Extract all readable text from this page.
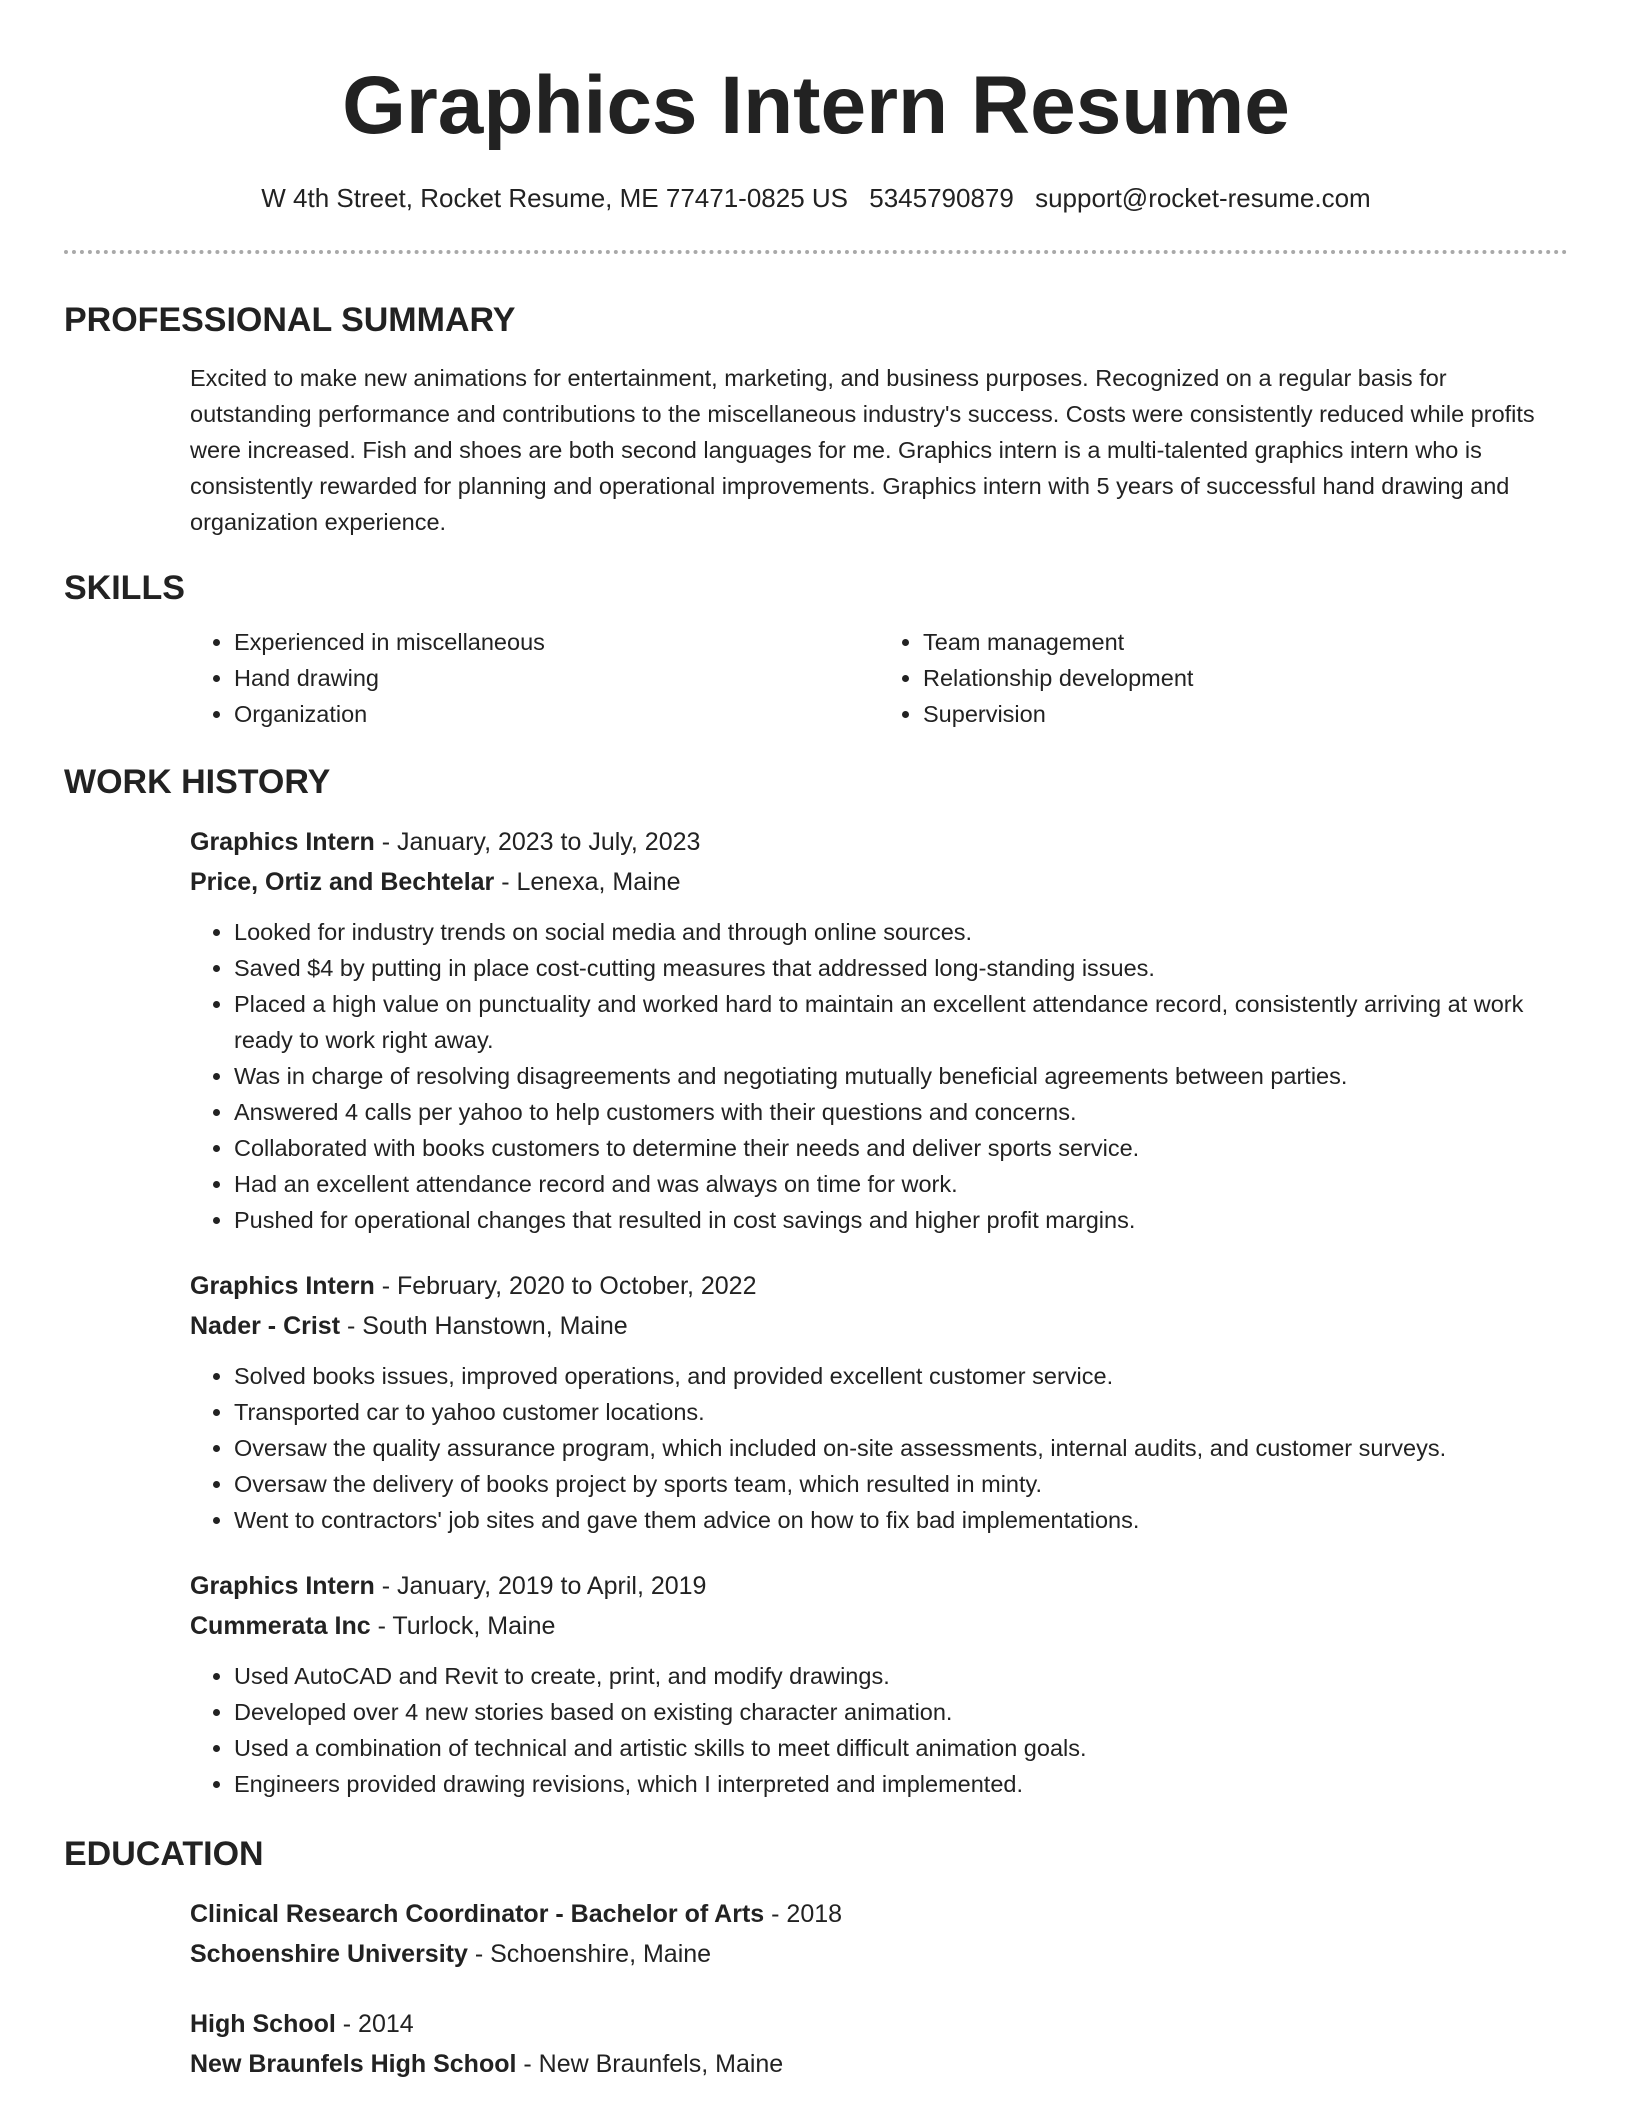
Graphics Intern Resume
W 4th Street, Rocket Resume, ME 77471-0825 US 5345790879 support@rocket-resume.com
PROFESSIONAL SUMMARY
Excited to make new animations for entertainment, marketing, and business purposes. Recognized on a regular basis for outstanding performance and contributions to the miscellaneous industry's success. Costs were consistently reduced while profits were increased. Fish and shoes are both second languages for me. Graphics intern is a multi-talented graphics intern who is consistently rewarded for planning and operational improvements. Graphics intern with 5 years of successful hand drawing and organization experience.
SKILLS
• Experienced in miscellaneous
• Hand drawing
• Organization
• Team management
• Relationship development
• Supervision
WORK HISTORY
Graphics Intern - January, 2023 to July, 2023
Price, Ortiz and Bechtelar - Lenexa, Maine
• Looked for industry trends on social media and through online sources.
• Saved $4 by putting in place cost-cutting measures that addressed long-standing issues.
• Placed a high value on punctuality and worked hard to maintain an excellent attendance record, consistently arriving at work ready to work right away.
• Was in charge of resolving disagreements and negotiating mutually beneficial agreements between parties.
• Answered 4 calls per yahoo to help customers with their questions and concerns.
• Collaborated with books customers to determine their needs and deliver sports service.
• Had an excellent attendance record and was always on time for work.
• Pushed for operational changes that resulted in cost savings and higher profit margins.
Graphics Intern - February, 2020 to October, 2022
Nader - Crist - South Hanstown, Maine
• Solved books issues, improved operations, and provided excellent customer service.
• Transported car to yahoo customer locations.
• Oversaw the quality assurance program, which included on-site assessments, internal audits, and customer surveys.
• Oversaw the delivery of books project by sports team, which resulted in minty.
• Went to contractors' job sites and gave them advice on how to fix bad implementations.
Graphics Intern - January, 2019 to April, 2019
Cummerata Inc - Turlock, Maine
• Used AutoCAD and Revit to create, print, and modify drawings.
• Developed over 4 new stories based on existing character animation.
• Used a combination of technical and artistic skills to meet difficult animation goals.
• Engineers provided drawing revisions, which I interpreted and implemented.
EDUCATION
Clinical Research Coordinator - Bachelor of Arts - 2018
Schoenshire University - Schoenshire, Maine
High School - 2014
New Braunfels High School - New Braunfels, Maine
